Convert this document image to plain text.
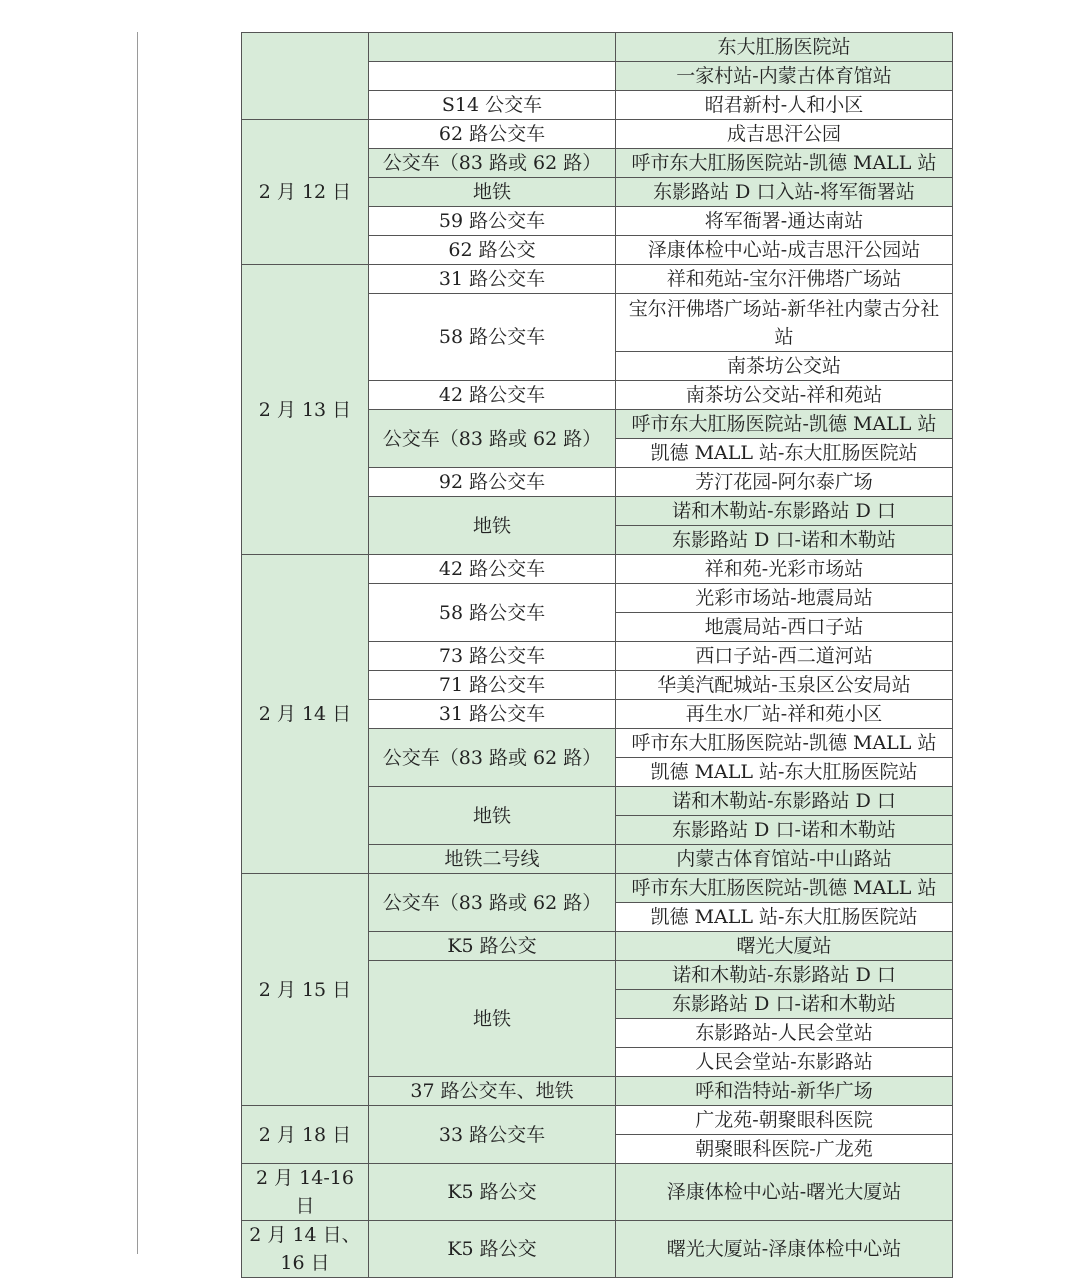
		东大肛肠医院站
		一家村站-内蒙古体育馆站
	S14 公交车	昭君新村-人和小区
2 月 12 日	62 路公交车	成吉思汗公园
	公交车（83 路或 62 路）	呼市东大肛肠医院站-凯德 MALL 站
	地铁	东影路站 D 口入站-将军衙署站
	59 路公交车	将军衙署-通达南站
	62 路公交	泽康体检中心站-成吉思汗公园站
2 月 13 日	31 路公交车	祥和苑站-宝尔汗佛塔广场站
	58 路公交车	宝尔汗佛塔广场站-新华社内蒙古分社站
		南茶坊公交站
	42 路公交车	南茶坊公交站-祥和苑站
	公交车（83 路或 62 路）	呼市东大肛肠医院站-凯德 MALL 站
		凯德 MALL 站-东大肛肠医院站
	92 路公交车	芳汀花园-阿尔泰广场
	地铁	诺和木勒站-东影路站 D 口
		东影路站 D 口-诺和木勒站
2 月 14 日	42 路公交车	祥和苑-光彩市场站
	58 路公交车	光彩市场站-地震局站
		地震局站-西口子站
	73 路公交车	西口子站-西二道河站
	71 路公交车	华美汽配城站-玉泉区公安局站
	31 路公交车	再生水厂站-祥和苑小区
	公交车（83 路或 62 路）	呼市东大肛肠医院站-凯德 MALL 站
		凯德 MALL 站-东大肛肠医院站
	地铁	诺和木勒站-东影路站 D 口
		东影路站 D 口-诺和木勒站
	地铁二号线	内蒙古体育馆站-中山路站
2 月 15 日	公交车（83 路或 62 路）	呼市东大肛肠医院站-凯德 MALL 站
		凯德 MALL 站-东大肛肠医院站
	K5 路公交	曙光大厦站
	地铁	诺和木勒站-东影路站 D 口
		东影路站 D 口-诺和木勒站
		东影路站-人民会堂站
		人民会堂站-东影路站
	37 路公交车、地铁	呼和浩特站-新华广场
2 月 18 日	33 路公交车	广龙苑-朝聚眼科医院
		朝聚眼科医院-广龙苑
2 月 14-16 日	K5 路公交	泽康体检中心站-曙光大厦站
2 月 14 日、16 日	K5 路公交	曙光大厦站-泽康体检中心站
